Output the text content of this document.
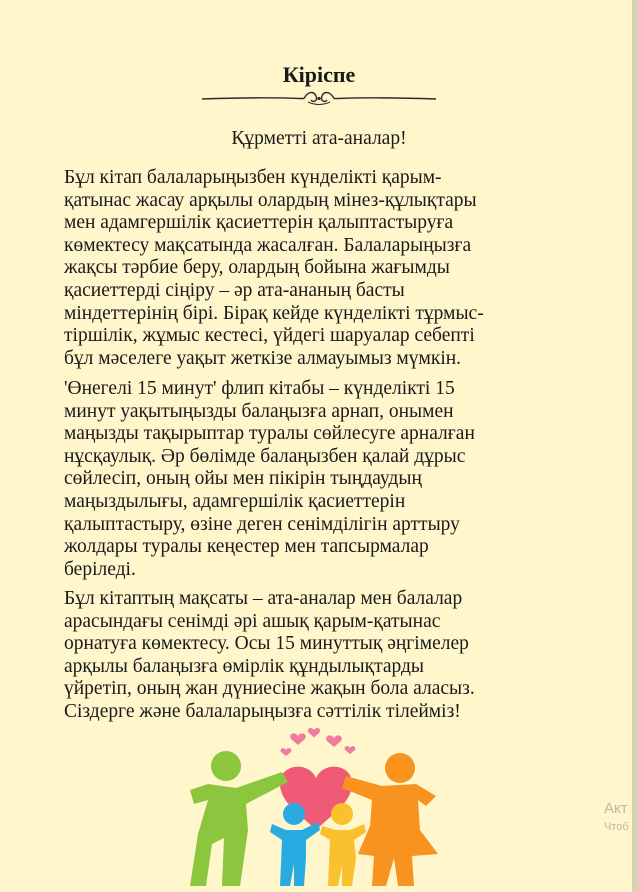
Кіріспе
Құрметті ата-аналар!
Бұл кітап балаларыңызбен күнделікті қарым-
қатынас жасау арқылы олардың мінез-құлықтары
мен адамгершілік қасиеттерін қалыптастыруға
көмектесу мақсатында жасалған. Балаларыңызға
жақсы тәрбие беру, олардың бойына жағымды
қасиеттерді сіңіру – әр ата-ананың басты
міндеттерінің бірі. Бірақ кейде күнделікті тұрмыс-
тіршілік, жұмыс кестесі, үйдегі шаруалар себепті
бұл мәселеге уақыт жеткізе алмауымыз мүмкін.
'Өнегелі 15 минут' флип кітабы – күнделікті 15
минут уақытыңызды балаңызға арнап, онымен
маңызды тақырыптар туралы сөйлесуге арналған
нұсқаулық. Әр бөлімде балаңызбен қалай дұрыс
сөйлесіп, оның ойы мен пікірін тыңдаудың
маңыздылығы, адамгершілік қасиеттерін
қалыптастыру, өзіне деген сенімділігін арттыру
жолдары туралы кеңестер мен тапсырмалар
беріледі.
Бұл кітаптың мақсаты – ата-аналар мен балалар
арасындағы сенімді әрі ашық қарым-қатынас
орнатуға көмектесу. Осы 15 минуттық әңгімелер
арқылы балаңызға өмірлік құндылықтарды
үйретіп, оның жан дүниесіне жақын бола аласыз.
Сіздерге және балаларыңызға сәттілік тілейміз!
Акт
Чтоб
